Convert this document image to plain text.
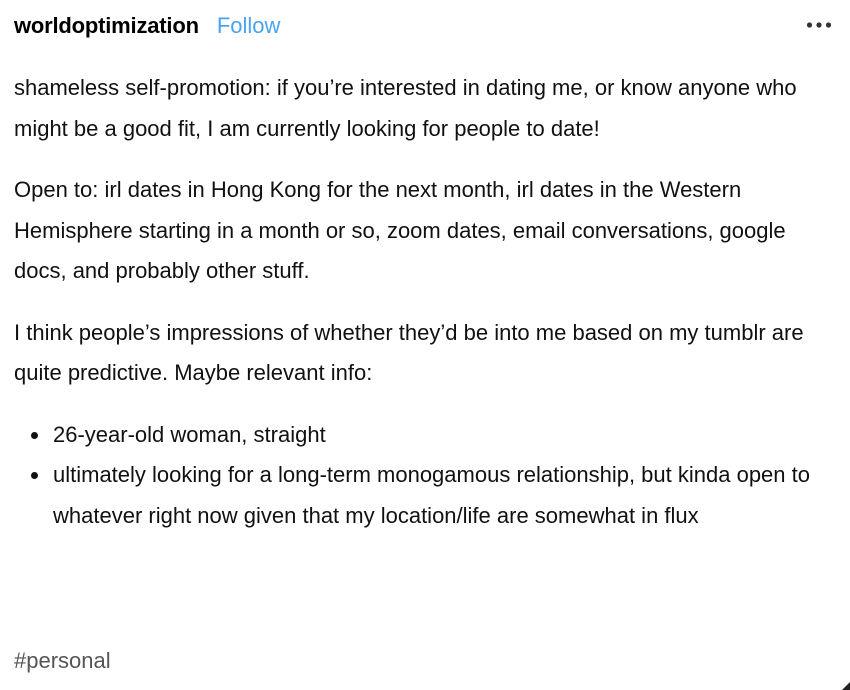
worldoptimization Follow

shameless self-promotion: if you’re interested in dating me, or know anyone who might be a good fit, I am currently looking for people to date!

Open to: irl dates in Hong Kong for the next month, irl dates in the Western Hemisphere starting in a month or so, zoom dates, email conversations, google docs, and probably other stuff.

I think people’s impressions of whether they’d be into me based on my tumblr are quite predictive. Maybe relevant info:

26-year-old woman, straight
ultimately looking for a long-term monogamous relationship, but kinda open to whatever right now given that my location/life are somewhat in flux
#personal
